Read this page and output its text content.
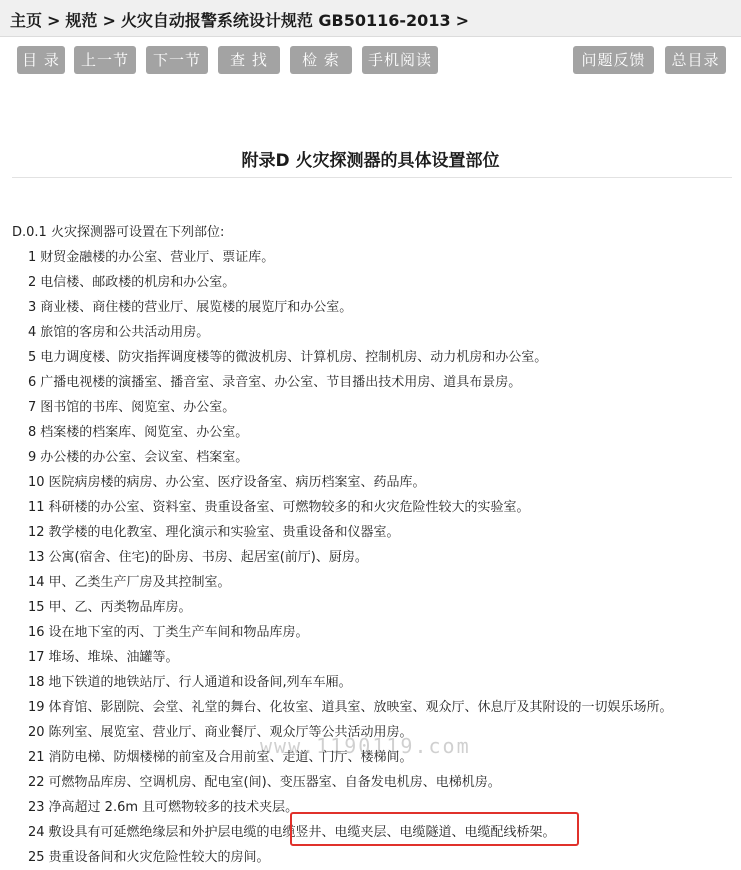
主页 > 规范 > 火灾自动报警系统设计规范 GB50116-2013 >
目 录	上一节	下一节	查 找	检 索	手机阅读	问题反馈	总目录
附录D 火灾探测器的具体设置部位
D.0.1 火灾探测器可设置在下列部位:
1 财贸金融楼的办公室、营业厅、票证库。
2 电信楼、邮政楼的机房和办公室。
3 商业楼、商住楼的营业厅、展览楼的展览厅和办公室。
4 旅馆的客房和公共活动用房。
5 电力调度楼、防灾指挥调度楼等的微波机房、计算机房、控制机房、动力机房和办公室。
6 广播电视楼的演播室、播音室、录音室、办公室、节目播出技术用房、道具布景房。
7 图书馆的书库、阅览室、办公室。
8 档案楼的档案库、阅览室、办公室。
9 办公楼的办公室、会议室、档案室。
10 医院病房楼的病房、办公室、医疗设备室、病历档案室、药品库。
11 科研楼的办公室、资料室、贵重设备室、可燃物较多的和火灾危险性较大的实验室。
12 教学楼的电化教室、理化演示和实验室、贵重设备和仪器室。
13 公寓(宿舍、住宅)的卧房、书房、起居室(前厅)、厨房。
14 甲、乙类生产厂房及其控制室。
15 甲、乙、丙类物品库房。
16 设在地下室的丙、丁类生产车间和物品库房。
17 堆场、堆垛、油罐等。
18 地下铁道的地铁站厅、行人通道和设备间,列车车厢。
19 体育馆、影剧院、会堂、礼堂的舞台、化妆室、道具室、放映室、观众厅、休息厅及其附设的一切娱乐场所。
20 陈列室、展览室、营业厅、商业餐厅、观众厅等公共活动用房。
21 消防电梯、防烟楼梯的前室及合用前室、走道、门厅、楼梯间。
22 可燃物品库房、空调机房、配电室(间)、变压器室、自备发电机房、电梯机房。
23 净高超过 2.6m 且可燃物较多的技术夹层。
24 敷设具有可延燃绝缘层和外护层电缆的电缆竖井、电缆夹层、电缆隧道、电缆配线桥架。
25 贵重设备间和火灾危险性较大的房间。
www.1190119.com
